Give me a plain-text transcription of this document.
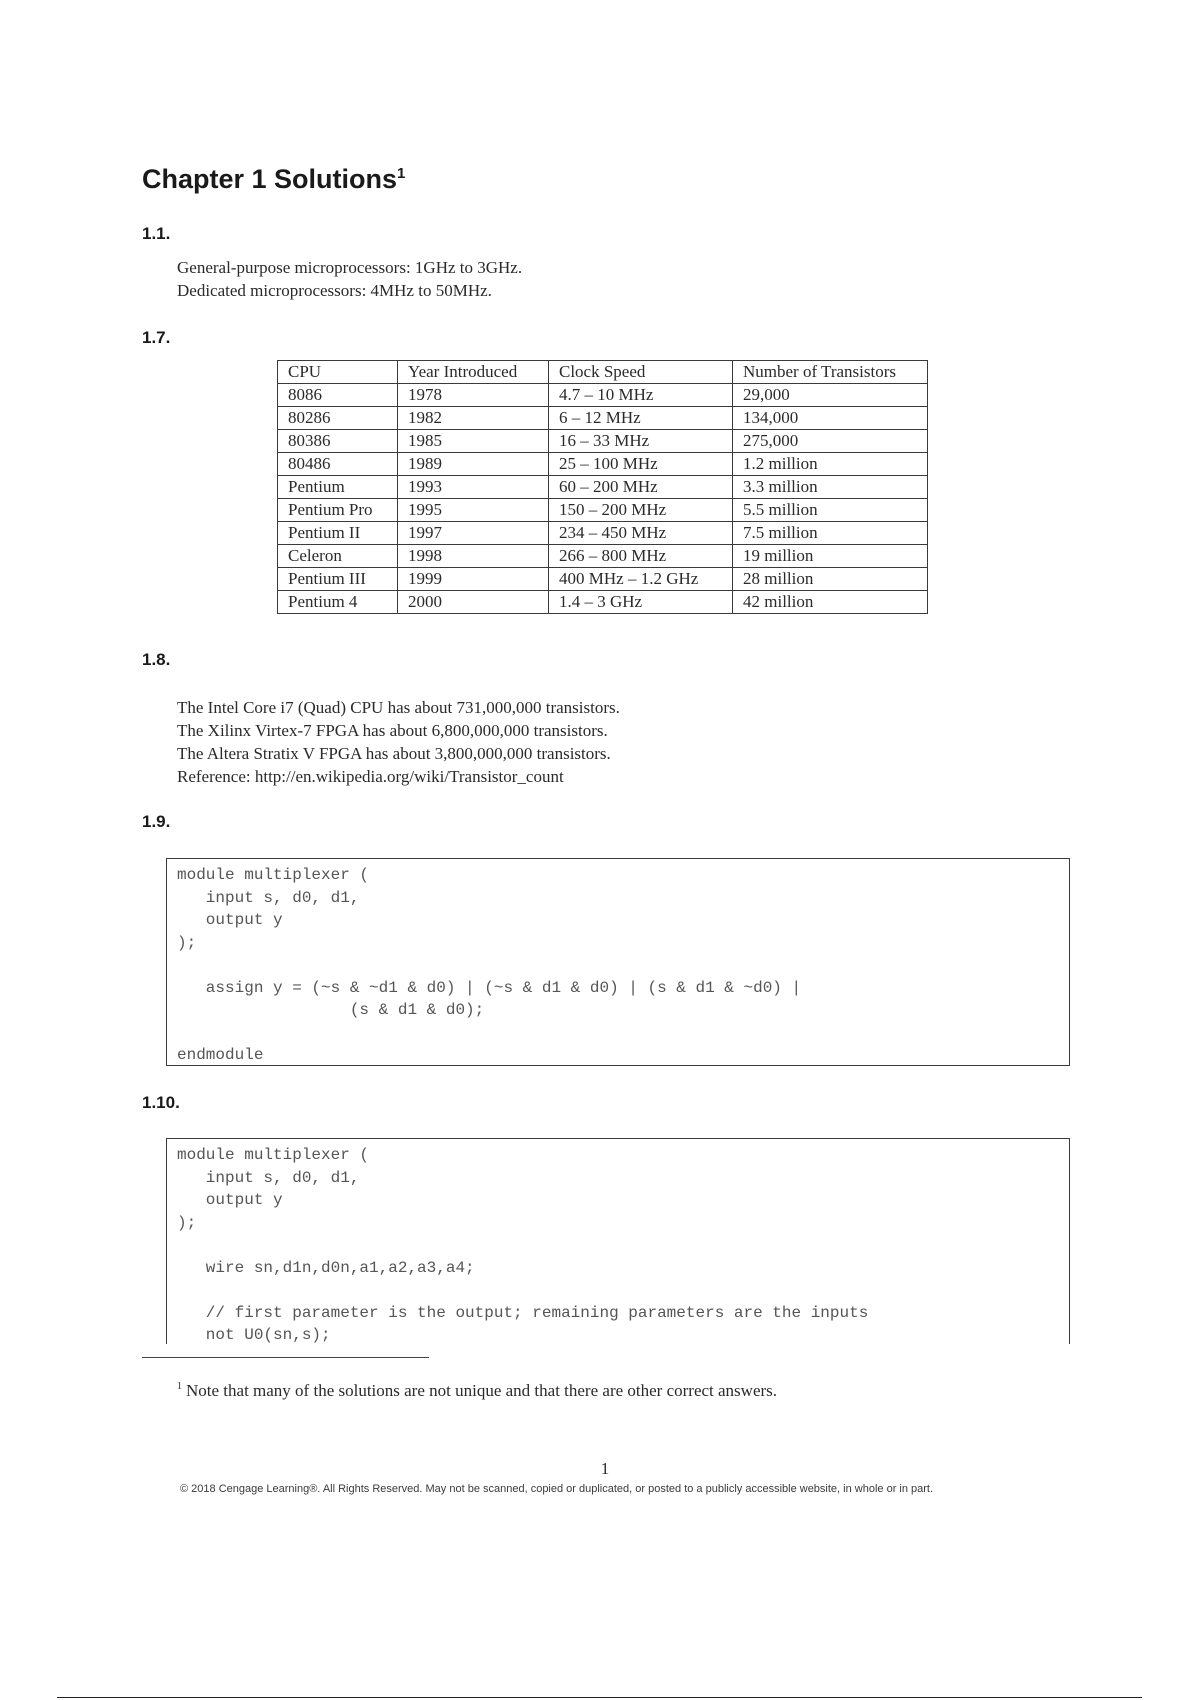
Chapter 1 Solutions$^1$
1.1.
General-purpose microprocessors: 1GHz to 3GHz.
Dedicated microprocessors: 4MHz to 50MHz.
1.7.
CPU	Year Introduced	Clock Speed	Number of Transistors
8086	1978	4.7 – 10 MHz	29,000
80286	1982	6 – 12 MHz	134,000
80386	1985	16 – 33 MHz	275,000
80486	1989	25 – 100 MHz	1.2 million
Pentium	1993	60 – 200 MHz	3.3 million
Pentium Pro	1995	150 – 200 MHz	5.5 million
Pentium II	1997	234 – 450 MHz	7.5 million
Celeron	1998	266 – 800 MHz	19 million
Pentium III	1999	400 MHz – 1.2 GHz	28 million
Pentium 4	2000	1.4 – 3 GHz	42 million
1.8.
The Intel Core i7 (Quad) CPU has about 731,000,000 transistors.
The Xilinx Virtex-7 FPGA has about 6,800,000,000 transistors.
The Altera Stratix V FPGA has about 3,800,000,000 transistors.
Reference: http://en.wikipedia.org/wiki/Transistor_count
1.9.
module multiplexer (
input s, d0, d1,
output y
);
assign y = (~s & ~d1 & d0) | (~s & d1 & d0) | (s & d1 & ~d0) |
(s & d1 & d0);
endmodule
1.10.
module multiplexer (
input s, d0, d1,
output y
);
wire sn,d1n,d0n,a1,a2,a3,a4;
// first parameter is the output; remaining parameters are the inputs
not U0(sn,s);
$^1$ Note that many of the solutions are not unique and that there are other correct answers.
1
© 2018 Cengage Learning®. All Rights Reserved. May not be scanned, copied or duplicated, or posted to a publicly accessible website, in whole or in part.
